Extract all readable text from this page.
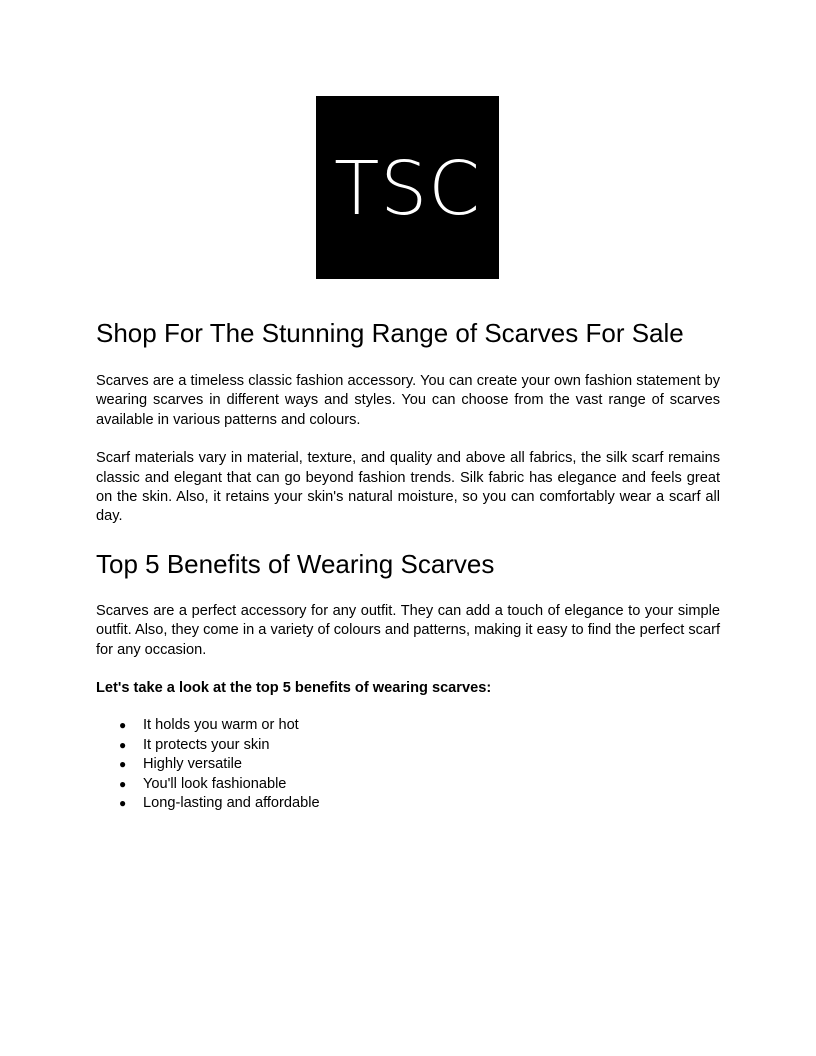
TSC
Shop For The Stunning Range of Scarves For Sale

Scarves are a timeless classic fashion accessory. You can create your own fashion statement by wearing scarves in different ways and styles. You can choose from the vast range of scarves available in various patterns and colours.

Scarf materials vary in material, texture, and quality and above all fabrics, the silk scarf remains classic and elegant that can go beyond fashion trends. Silk fabric has elegance and feels great on the skin. Also, it retains your skin's natural moisture, so you can comfortably wear a scarf all day.

Top 5 Benefits of Wearing Scarves

Scarves are a perfect accessory for any outfit. They can add a touch of elegance to your simple outfit. Also, they come in a variety of colours and patterns, making it easy to find the perfect scarf for any occasion.

Let's take a look at the top 5 benefits of wearing scarves:

●	It holds you warm or hot
●	It protects your skin
●	Highly versatile
●	You'll look fashionable
●	Long-lasting and affordable
